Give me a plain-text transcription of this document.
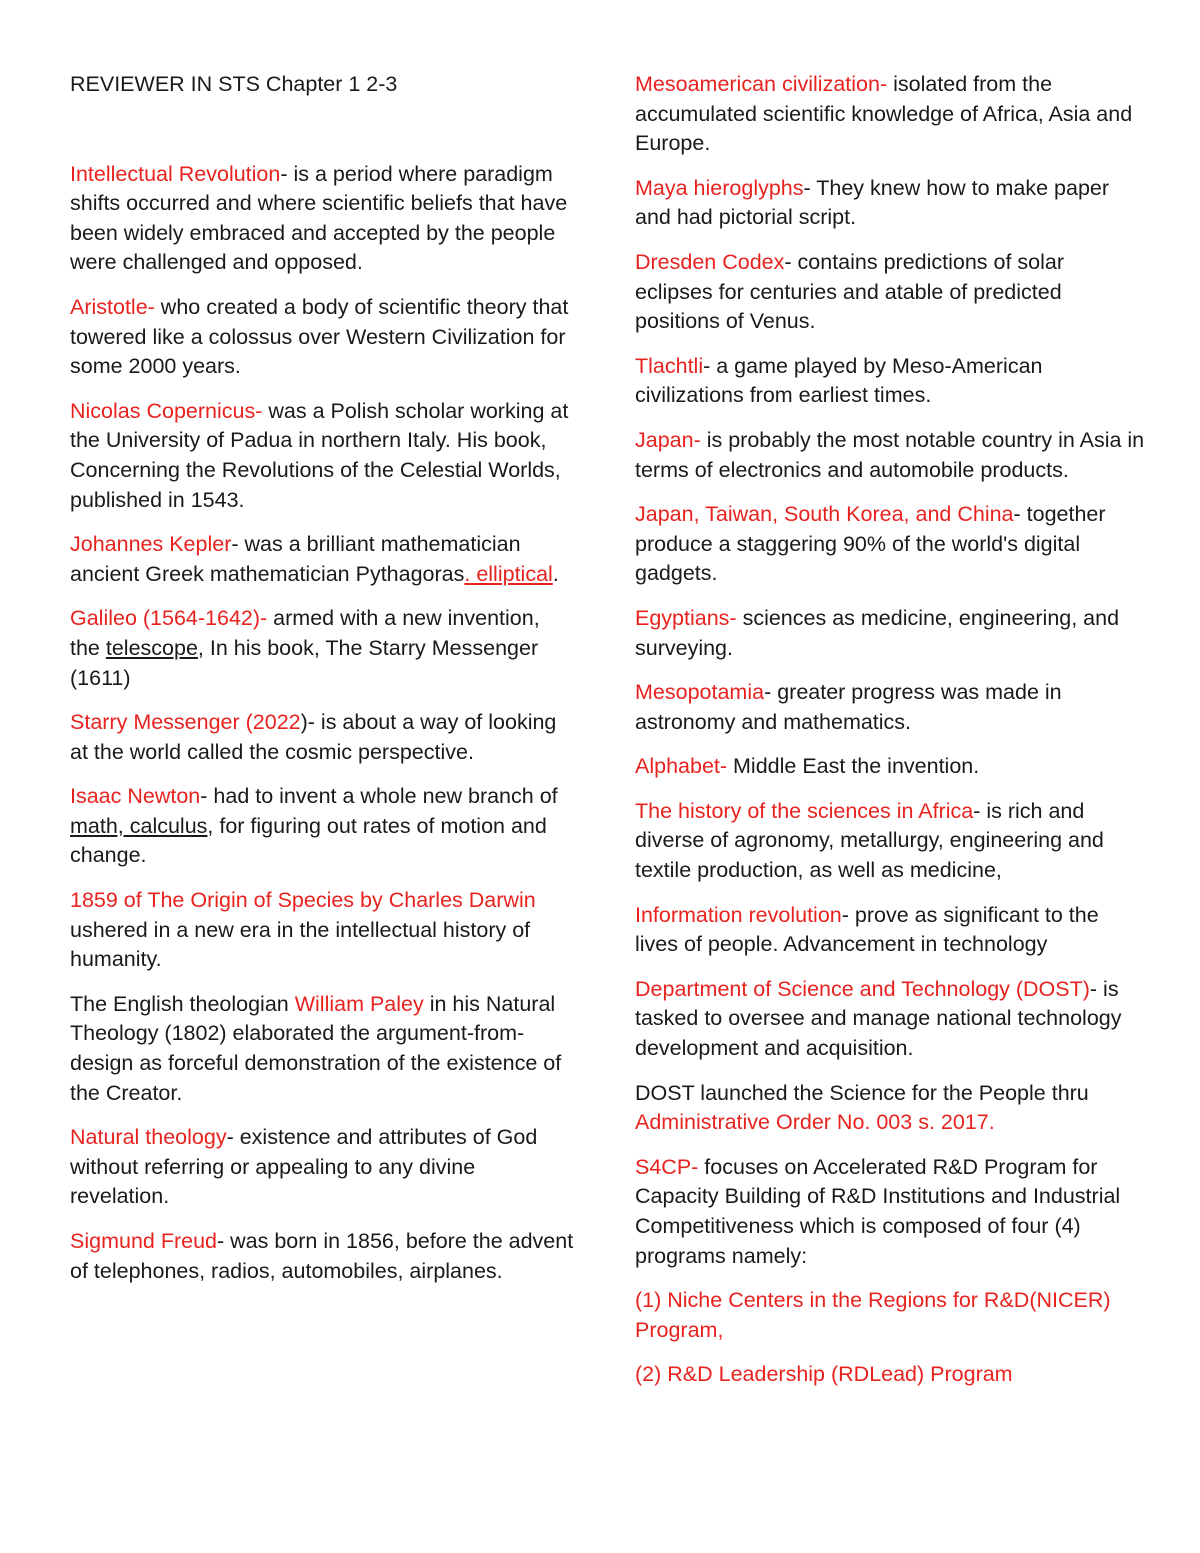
REVIEWER IN STS Chapter 1 2-3
Intellectual Revolution- is a period where paradigm shifts occurred and where scientific beliefs that have been widely embraced and accepted by the people were challenged and opposed.
Aristotle- who created a body of scientific theory that towered like a colossus over Western Civilization for some 2000 years.
Nicolas Copernicus- was a Polish scholar working at the University of Padua in northern Italy. His book, Concerning the Revolutions of the Celestial Worlds, published in 1543.
Johannes Kepler- was a brilliant mathematician ancient Greek mathematician Pythagoras. elliptical.
Galileo (1564-1642)- armed with a new invention, the telescope, In his book, The Starry Messenger (1611)
Starry Messenger (2022)- is about a way of looking at the world called the cosmic perspective.
Isaac Newton- had to invent a whole new branch of math, calculus, for figuring out rates of motion and change.
1859 of The Origin of Species by Charles Darwin ushered in a new era in the intellectual history of humanity.
The English theologian William Paley in his Natural Theology (1802) elaborated the argument-from-design as forceful demonstration of the existence of the Creator.
Natural theology- existence and attributes of God without referring or appealing to any divine revelation.
Sigmund Freud- was born in 1856, before the advent of telephones, radios, automobiles, airplanes.
Mesoamerican civilization- isolated from the accumulated scientific knowledge of Africa, Asia and Europe.
Maya hieroglyphs- They knew how to make paper and had pictorial script.
Dresden Codex- contains predictions of solar eclipses for centuries and atable of predicted positions of Venus.
Tlachtli- a game played by Meso-American civilizations from earliest times.
Japan- is probably the most notable country in Asia in terms of electronics and automobile products.
Japan, Taiwan, South Korea, and China- together produce a staggering 90% of the world's digital gadgets.
Egyptians- sciences as medicine, engineering, and surveying.
Mesopotamia- greater progress was made in astronomy and mathematics.
Alphabet- Middle East the invention.
The history of the sciences in Africa- is rich and diverse of agronomy, metallurgy, engineering and textile production, as well as medicine,
Information revolution- prove as significant to the lives of people. Advancement in technology
Department of Science and Technology (DOST)- is tasked to oversee and manage national technology development and acquisition.
DOST launched the Science for the People thru Administrative Order No. 003 s. 2017.
S4CP- focuses on Accelerated R&D Program for Capacity Building of R&D Institutions and Industrial Competitiveness which is composed of four (4) programs namely:
(1) Niche Centers in the Regions for R&D(NICER) Program,
(2) R&D Leadership (RDLead) Program
